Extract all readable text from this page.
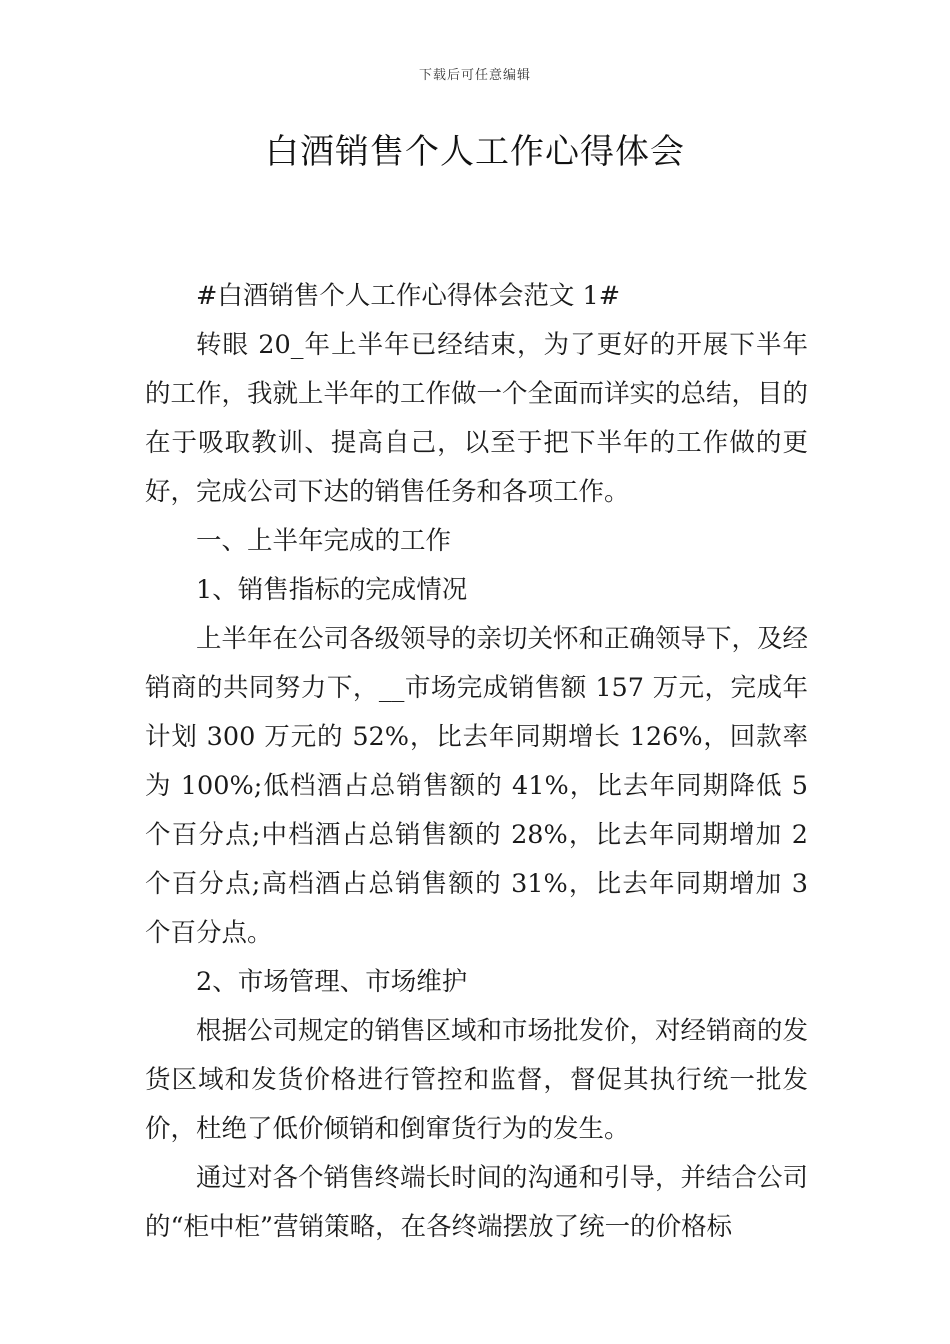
下载后可任意编辑
白酒销售个人工作心得体会

#白酒销售个人工作心得体会范文 1#

转眼 20_年上半年已经结束，为了更好的开展下半年的工作，我就上半年的工作做一个全面而详实的总结，目的在于吸取教训、提高自己，以至于把下半年的工作做的更好，完成公司下达的销售任务和各项工作。

一、上半年完成的工作

1、销售指标的完成情况

上半年在公司各级领导的亲切关怀和正确领导下，及经销商的共同努力下，__市场完成销售额 157 万元，完成年计划 300 万元的 52%，比去年同期增长 126%，回款率为 100%;低档酒占总销售额的 41%，比去年同期降低 5 个百分点;中档酒占总销售额的 28%，比去年同期增加 2 个百分点;高档酒占总销售额的 31%，比去年同期增加 3 个百分点。

2、市场管理、市场维护

根据公司规定的销售区域和市场批发价，对经销商的发货区域和发货价格进行管控和监督，督促其执行统一批发价，杜绝了低价倾销和倒窜货行为的发生。

通过对各个销售终端长时间的沟通和引导，并结合公司的“柜中柜”营销策略，在各终端摆放了统一的价格标
